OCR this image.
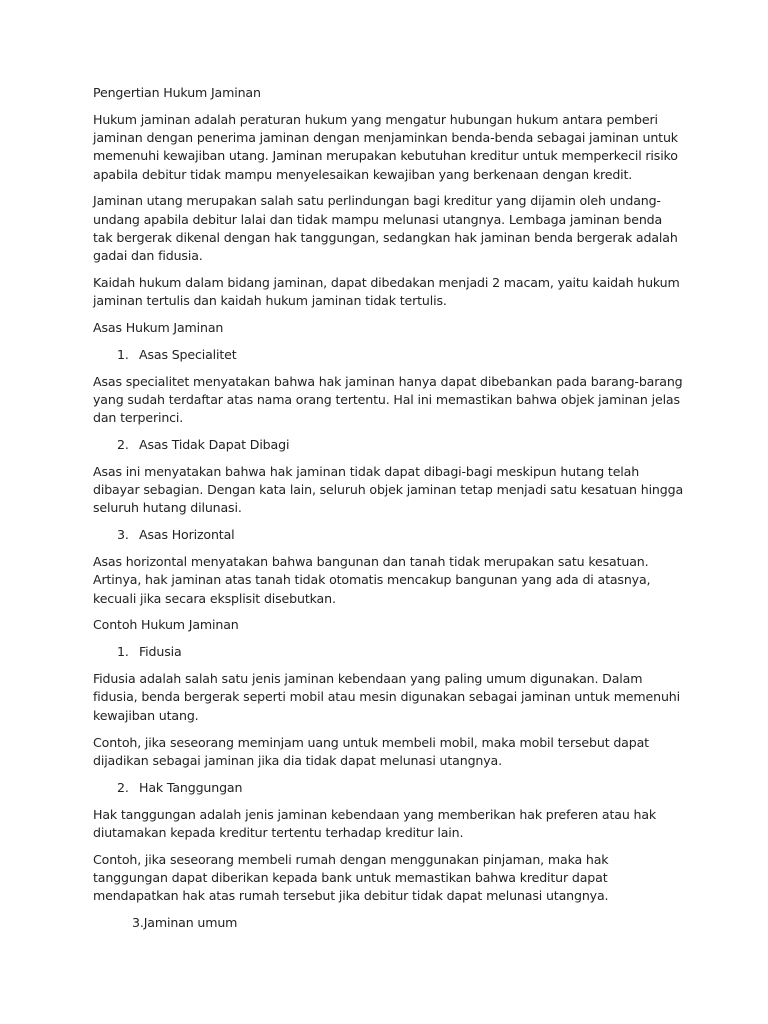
Pengertian Hukum Jaminan

Hukum jaminan adalah peraturan hukum yang mengatur hubungan hukum antara pemberi jaminan dengan penerima jaminan dengan menjaminkan benda-benda sebagai jaminan untuk memenuhi kewajiban utang. Jaminan merupakan kebutuhan kreditur untuk memperkecil risiko apabila debitur tidak mampu menyelesaikan kewajiban yang berkenaan dengan kredit.

Jaminan utang merupakan salah satu perlindungan bagi kreditur yang dijamin oleh undang-undang apabila debitur lalai dan tidak mampu melunasi utangnya. Lembaga jaminan benda tak bergerak dikenal dengan hak tanggungan, sedangkan hak jaminan benda bergerak adalah gadai dan fidusia.

Kaidah hukum dalam bidang jaminan, dapat dibedakan menjadi 2 macam, yaitu kaidah hukum jaminan tertulis dan kaidah hukum jaminan tidak tertulis.

Asas Hukum Jaminan

1. Asas Specialitet

Asas specialitet menyatakan bahwa hak jaminan hanya dapat dibebankan pada barang-barang yang sudah terdaftar atas nama orang tertentu. Hal ini memastikan bahwa objek jaminan jelas dan terperinci.

2. Asas Tidak Dapat Dibagi

Asas ini menyatakan bahwa hak jaminan tidak dapat dibagi-bagi meskipun hutang telah dibayar sebagian. Dengan kata lain, seluruh objek jaminan tetap menjadi satu kesatuan hingga seluruh hutang dilunasi.

3. Asas Horizontal

Asas horizontal menyatakan bahwa bangunan dan tanah tidak merupakan satu kesatuan. Artinya, hak jaminan atas tanah tidak otomatis mencakup bangunan yang ada di atasnya, kecuali jika secara eksplisit disebutkan.

Contoh Hukum Jaminan

1. Fidusia

Fidusia adalah salah satu jenis jaminan kebendaan yang paling umum digunakan. Dalam fidusia, benda bergerak seperti mobil atau mesin digunakan sebagai jaminan untuk memenuhi kewajiban utang.

Contoh, jika seseorang meminjam uang untuk membeli mobil, maka mobil tersebut dapat dijadikan sebagai jaminan jika dia tidak dapat melunasi utangnya.

2. Hak Tanggungan

Hak tanggungan adalah jenis jaminan kebendaan yang memberikan hak preferen atau hak diutamakan kepada kreditur tertentu terhadap kreditur lain.

Contoh, jika seseorang membeli rumah dengan menggunakan pinjaman, maka hak tanggungan dapat diberikan kepada bank untuk memastikan bahwa kreditur dapat mendapatkan hak atas rumah tersebut jika debitur tidak dapat melunasi utangnya.

3.Jaminan umum
